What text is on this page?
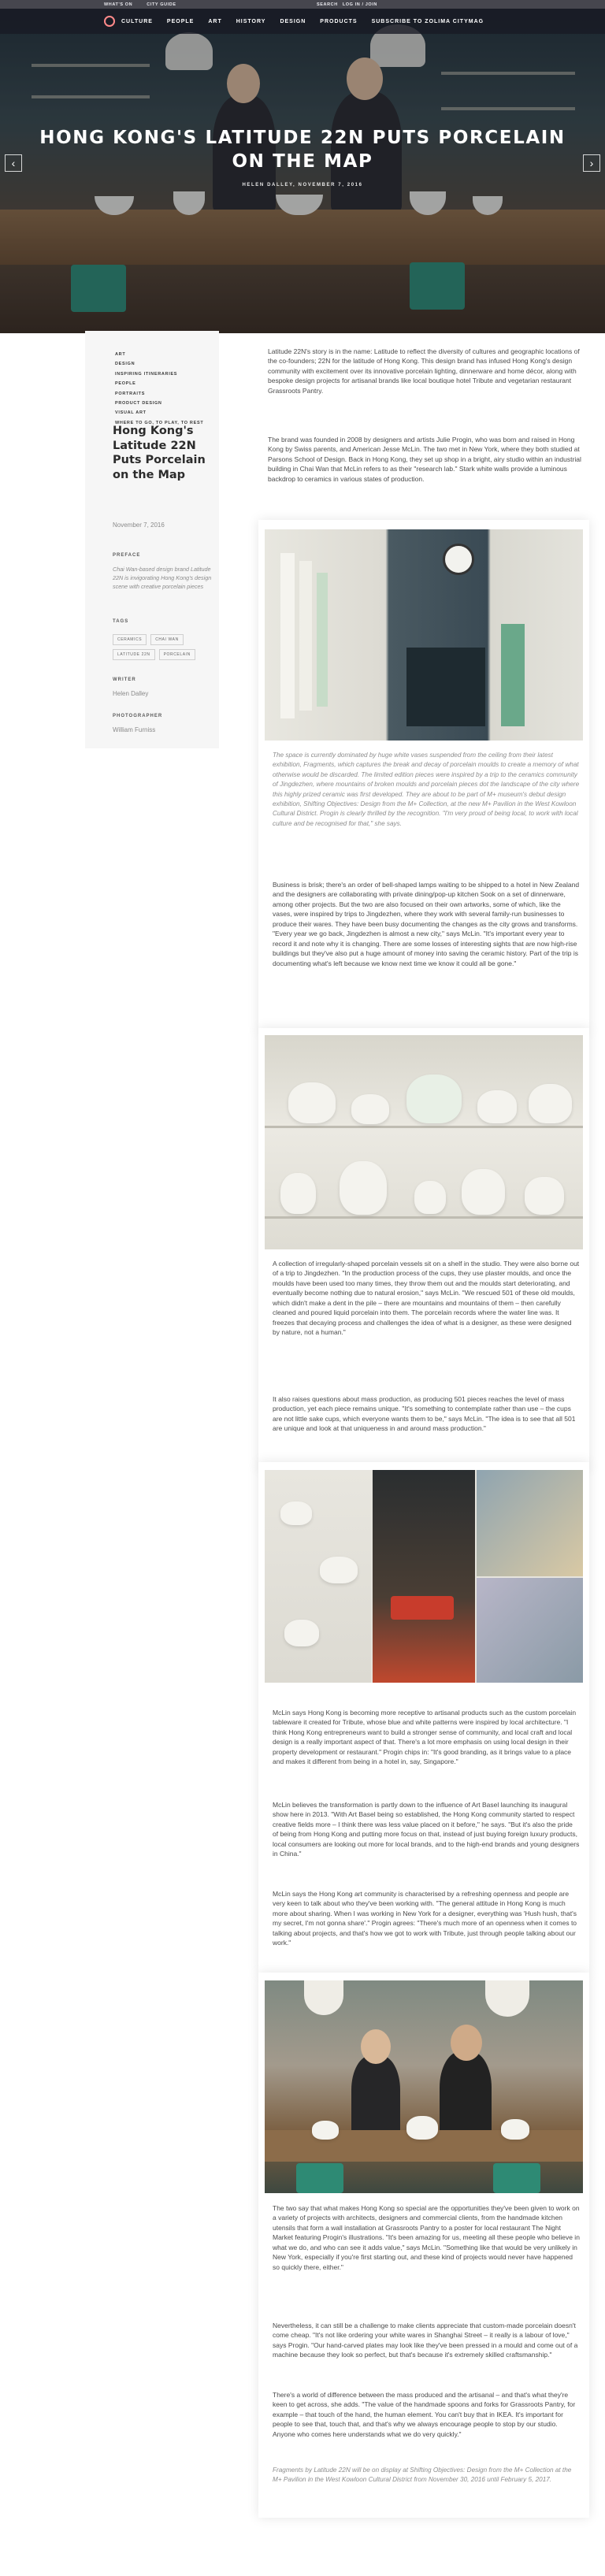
WHAT'S ON	CITY GUIDE	SEARCH LOG IN / JOIN
CULTURE	PEOPLE	ART	HISTORY	DESIGN	PRODUCTS	SUBSCRIBE TO ZOLIMA CITYMAG
HONG KONG'S LATITUDE 22N PUTS PORCELAIN ON THE MAP
HELEN DALLEY, NOVEMBER 7, 2016
‹	›
ART
DESIGN
INSPIRING ITINERARIES
PEOPLE
PORTRAITS
PRODUCT DESIGN
VISUAL ART
WHERE TO GO, TO PLAY, TO REST
Hong Kong's Latitude 22N Puts Porcelain on the Map
November 7, 2016
PREFACE
Chai Wan-based design brand Latitude 22N is invigorating Hong Kong's design scene with creative porcelain pieces
TAGS
CERAMICS	CHAI WAN
LATITUDE 22N	PORCELAIN
WRITER
Helen Dalley
PHOTOGRAPHER
William Furniss

Latitude 22N's story is in the name: Latitude to reflect the diversity of cultures and geographic locations of the co-founders; 22N for the latitude of Hong Kong. This design brand has infused Hong Kong's design community with excitement over its innovative porcelain lighting, dinnerware and home décor, along with bespoke design projects for artisanal brands like local boutique hotel Tribute and vegetarian restaurant Grassroots Pantry.

The brand was founded in 2008 by designers and artists Julie Progin, who was born and raised in Hong Kong by Swiss parents, and American Jesse McLin. The two met in New York, where they both studied at Parsons School of Design. Back in Hong Kong, they set up shop in a bright, airy studio within an industrial building in Chai Wan that McLin refers to as their "research lab." Stark white walls provide a luminous backdrop to ceramics in various states of production.

The space is currently dominated by huge white vases suspended from the ceiling from their latest exhibition, Fragments, which captures the break and decay of porcelain moulds to create a memory of what otherwise would be discarded. The limited edition pieces were inspired by a trip to the ceramics community of Jingdezhen, where mountains of broken moulds and porcelain pieces dot the landscape of the city where this highly prized ceramic was first developed. They are about to be part of M+ museum's debut design exhibition, Shifting Objectives: Design from the M+ Collection, at the new M+ Pavilion in the West Kowloon Cultural District. Progin is clearly thrilled by the recognition. "I'm very proud of being local, to work with local culture and be recognised for that," she says.

Business is brisk; there's an order of bell-shaped lamps waiting to be shipped to a hotel in New Zealand and the designers are collaborating with private dining/pop-up kitchen Sook on a set of dinnerware, among other projects. But the two are also focused on their own artworks, some of which, like the vases, were inspired by trips to Jingdezhen, where they work with several family-run businesses to produce their wares. They have been busy documenting the changes as the city grows and transforms. "Every year we go back, Jingdezhen is almost a new city," says McLin. "It's important every year to record it and note why it is changing. There are some losses of interesting sights that are now high-rise buildings but they've also put a huge amount of money into saving the ceramic history. Part of the trip is documenting what's left because we know next time we know it could all be gone."

A collection of irregularly-shaped porcelain vessels sit on a shelf in the studio. They were also borne out of a trip to Jingdezhen. "In the production process of the cups, they use plaster moulds, and once the moulds have been used too many times, they throw them out and the moulds start deteriorating, and eventually become nothing due to natural erosion," says McLin. "We rescued 501 of these old moulds, which didn't make a dent in the pile – there are mountains and mountains of them – then carefully cleaned and poured liquid porcelain into them. The porcelain records where the water line was. It freezes that decaying process and challenges the idea of what is a designer, as these were designed by nature, not a human."

It also raises questions about mass production, as producing 501 pieces reaches the level of mass production, yet each piece remains unique. "It's something to contemplate rather than use – the cups are not little sake cups, which everyone wants them to be," says McLin. "The idea is to see that all 501 are unique and look at that uniqueness in and around mass production."

McLin says Hong Kong is becoming more receptive to artisanal products such as the custom porcelain tableware it created for Tribute, whose blue and white patterns were inspired by local architecture. "I think Hong Kong entrepreneurs want to build a stronger sense of community, and local craft and local design is a really important aspect of that. There's a lot more emphasis on using local design in their property development or restaurant." Progin chips in: "It's good branding, as it brings value to a place and makes it different from being in a hotel in, say, Singapore."

McLin believes the transformation is partly down to the influence of Art Basel launching its inaugural show here in 2013. "With Art Basel being so established, the Hong Kong community started to respect creative fields more – I think there was less value placed on it before," he says. "But it's also the pride of being from Hong Kong and putting more focus on that, instead of just buying foreign luxury products, local consumers are looking out more for local brands, and to the high-end brands and young designers in China."

McLin says the Hong Kong art community is characterised by a refreshing openness and people are very keen to talk about who they've been working with. "The general attitude in Hong Kong is much more about sharing. When I was working in New York for a designer, everything was 'Hush hush, that's my secret, I'm not gonna share'." Progin agrees: "There's much more of an openness when it comes to talking about projects, and that's how we got to work with Tribute, just through people talking about our work."

The two say that what makes Hong Kong so special are the opportunities they've been given to work on a variety of projects with architects, designers and commercial clients, from the handmade kitchen utensils that form a wall installation at Grassroots Pantry to a poster for local restaurant The Night Market featuring Progin's illustrations. "It's been amazing for us, meeting all these people who believe in what we do, and who can see it adds value," says McLin. "Something like that would be very unlikely in New York, especially if you're first starting out, and these kind of projects would never have happened so quickly there, either."

Nevertheless, it can still be a challenge to make clients appreciate that custom-made porcelain doesn't come cheap. "It's not like ordering your white wares in Shanghai Street – it really is a labour of love," says Progin. "Our hand-carved plates may look like they've been pressed in a mould and come out of a machine because they look so perfect, but that's because it's extremely skilled craftsmanship."

There's a world of difference between the mass produced and the artisanal – and that's what they're keen to get across, she adds. "The value of the handmade spoons and forks for Grassroots Pantry, for example – that touch of the hand, the human element. You can't buy that in IKEA. It's important for people to see that, touch that, and that's why we always encourage people to stop by our studio. Anyone who comes here understands what we do very quickly."

Fragments by Latitude 22N will be on display at Shifting Objectives: Design from the M+ Collection at the M+ Pavilion in the West Kowloon Cultural District from November 30, 2016 until February 5, 2017.
